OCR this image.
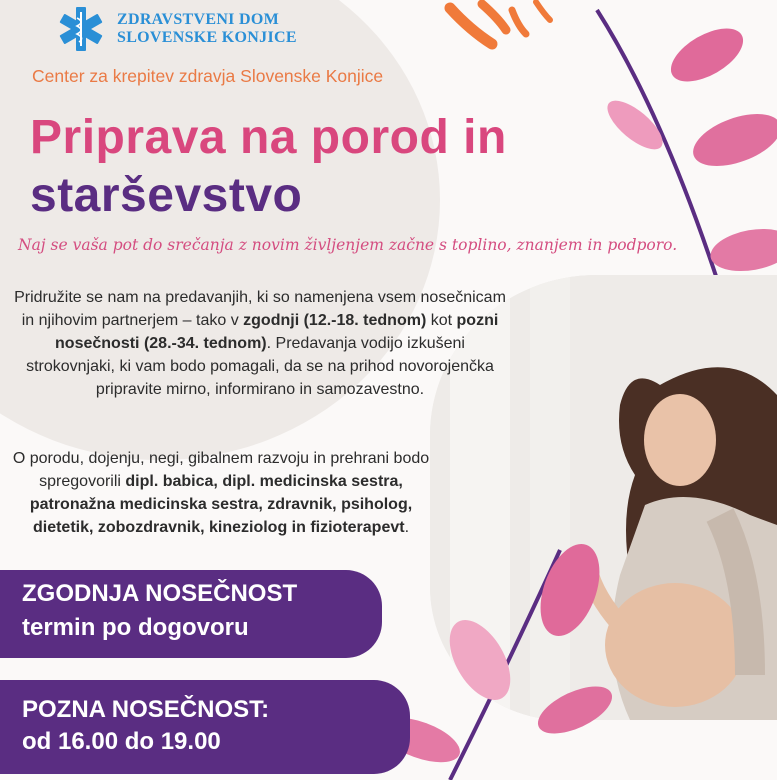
ZDRAVSTVENI DOM
SLOVENSKE KONJICE
Center za krepitev zdravja Slovenske Konjice
Priprava na porod in
starševstvo
Naj se vaša pot do srečanja z novim življenjem začne s toplino, znanjem in podporo.
Pridružite se nam na predavanjih, ki so namenjena vsem nosečnicam in njihovim partnerjem – tako v zgodnji (12.-18. tednom) kot pozni nosečnosti (28.-34. tednom). Predavanja vodijo izkušeni strokovnjaki, ki vam bodo pomagali, da se na prihod novorojenčka pripravite mirno, informirano in samozavestno.
O porodu, dojenju, negi, gibalnem razvoju in prehrani bodo spregovorili dipl. babica, dipl. medicinska sestra, patronažna medicinska sestra, zdravnik, psiholog, dietetik, zobozdravnik, kineziolog in fizioterapevt.
ZGODNJA NOSEČNOST
termin po dogovoru
POZNA NOSEČNOST:
od 16.00 do 19.00
